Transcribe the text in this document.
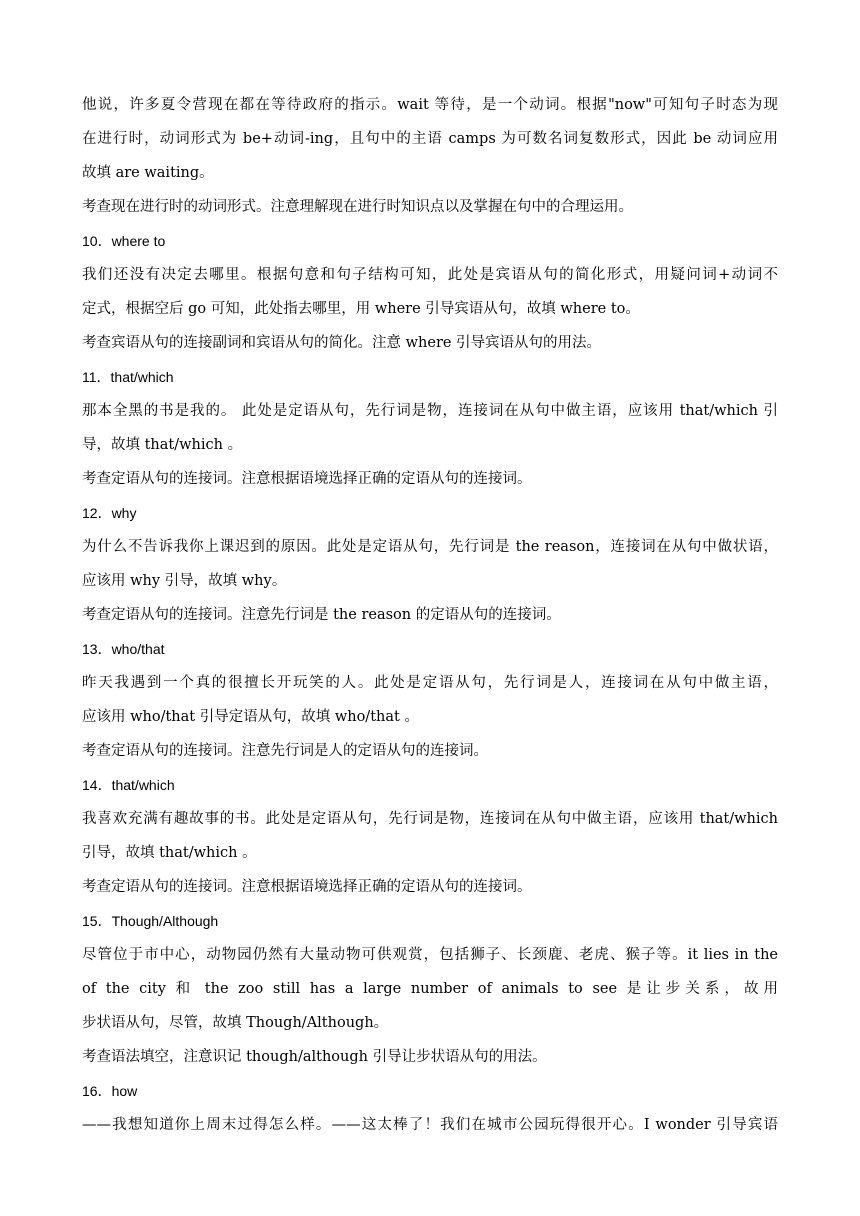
他说，许多夏令营现在都在等待政府的指示。wait 等待，是一个动词。根据"now"可知句子时态为现
在进行时，动词形式为 be+动词-ing，且句中的主语 camps 为可数名词复数形式，因此 be 动词应用
故填 are waiting。
考查现在进行时的动词形式。注意理解现在进行时知识点以及掌握在句中的合理运用。
10．where to
我们还没有决定去哪里。根据句意和句子结构可知，此处是宾语从句的简化形式，用疑问词+动词不
定式，根据空后 go 可知，此处指去哪里，用 where 引导宾语从句，故填 where to。
考查宾语从句的连接副词和宾语从句的简化。注意 where 引导宾语从句的用法。
11．that/which
那本全黑的书是我的。 此处是定语从句，先行词是物，连接词在从句中做主语，应该用 that/which 引
导，故填 that/which 。
考查定语从句的连接词。注意根据语境选择正确的定语从句的连接词。
12．why
为什么不告诉我你上课迟到的原因。此处是定语从句，先行词是 the reason，连接词在从句中做状语，
应该用 why 引导，故填 why。
考查定语从句的连接词。注意先行词是 the reason 的定语从句的连接词。
13．who/that
昨天我遇到一个真的很擅长开玩笑的人。此处是定语从句，先行词是人，连接词在从句中做主语，
应该用 who/that 引导定语从句，故填 who/that 。
考查定语从句的连接词。注意先行词是人的定语从句的连接词。
14．that/which
我喜欢充满有趣故事的书。此处是定语从句，先行词是物，连接词在从句中做主语，应该用 that/which
引导，故填 that/which 。
考查定语从句的连接词。注意根据语境选择正确的定语从句的连接词。
15．Though/Although
尽管位于市中心，动物园仍然有大量动物可供观赏，包括狮子、长颈鹿、老虎、猴子等。it lies in the
of the city 和 the zoo still has a large number of animals to see 是让步关系，故用
步状语从句，尽管，故填 Though/Although。
考查语法填空，注意识记 though/although 引导让步状语从句的用法。
16．how
——我想知道你上周末过得怎么样。——这太棒了！我们在城市公园玩得很开心。I wonder 引导宾语
